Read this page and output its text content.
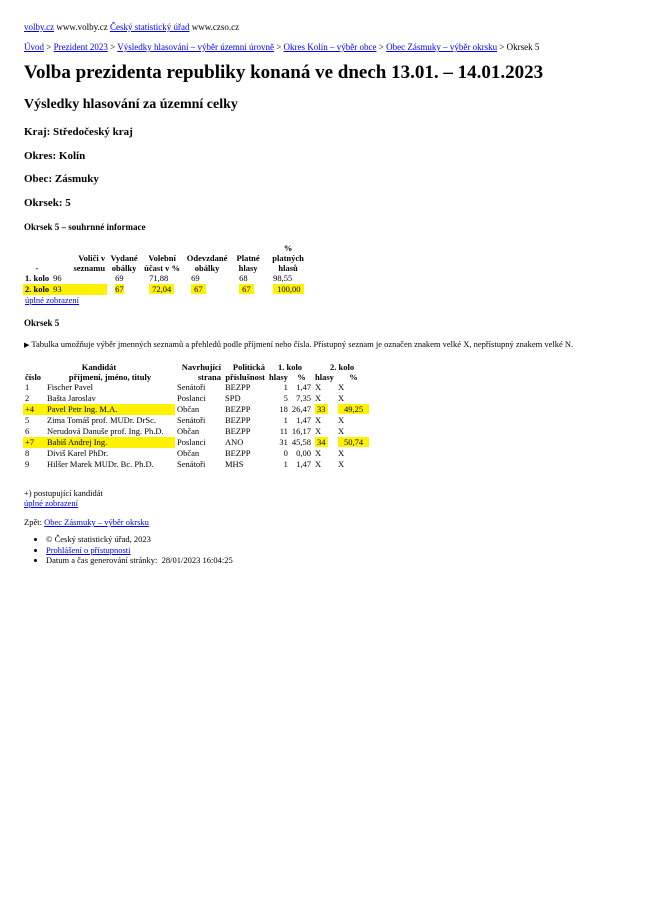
volby.cz www.volby.cz Český statistický úřad www.czso.cz
Úvod > Prezident 2023 > Výsledky hlasování – výběr územní úrovně > Okres Kolín – výběr obce > Obec Zásmuky – výběr okrsku > Okrsek 5
Volba prezidenta republiky konaná ve dnech 13.01. – 14.01.2023
Výsledky hlasování za územní celky
Kraj: Středočeský kraj
Okres: Kolín
Obec: Zásmuky
Okrsek: 5
Okrsek 5 – souhrnné informace
-	Voliči v seznamu	Vydané obálky	Volební účast v %	Odevzdané obálky	Platné hlasy	% platných hlasů
1. kolo	96	69	71,88	69	68	98,55
2. kolo	93	67	72,04	67	67	100,00
úplné zobrazení						
Okrsek 5
▶ Tabulka umožňuje výběr jmenných seznamů a přehledů podle příjmení nebo čísla. Přístupný seznam je označen znakem velké X, nepřístupný znakem velké N.
Kandidát		Navrhující strana	Politická příslušnost	1. kolo		2. kolo	
číslo	příjmení, jméno, tituly			hlasy	%	hlasy	%
1	Fischer Pavel	Senátoři	BEZPP	1	1,47	X	X
2	Bašta Jaroslav	Poslanci	SPD	5	7,35	X	X
+4	Pavel Petr Ing. M.A.	Občan	BEZPP	18	26,47	33	49,25
5	Zima Tomáš prof. MUDr. DrSc.	Senátoři	BEZPP	1	1,47	X	X
6	Nerudová Danuše prof. Ing. Ph.D.	Občan	BEZPP	11	16,17	X	X
+7	Babiš Andrej Ing.	Poslanci	ANO	31	45,58	34	50,74
8	Diviš Karel PhDr.	Občan	BEZPP	0	0,00	X	X
9	Hilšer Marek MUDr. Bc. Ph.D.	Senátoři	MHS	1	1,47	X	X
+) postupující kandidát
úplné zobrazení
Zpět: Obec Zásmuky – výběr okrsku
• © Český statistický úřad, 2023
• Prohlášení o přístupnosti
• Datum a čas generování stránky: 28/01/2023 16:04:25
